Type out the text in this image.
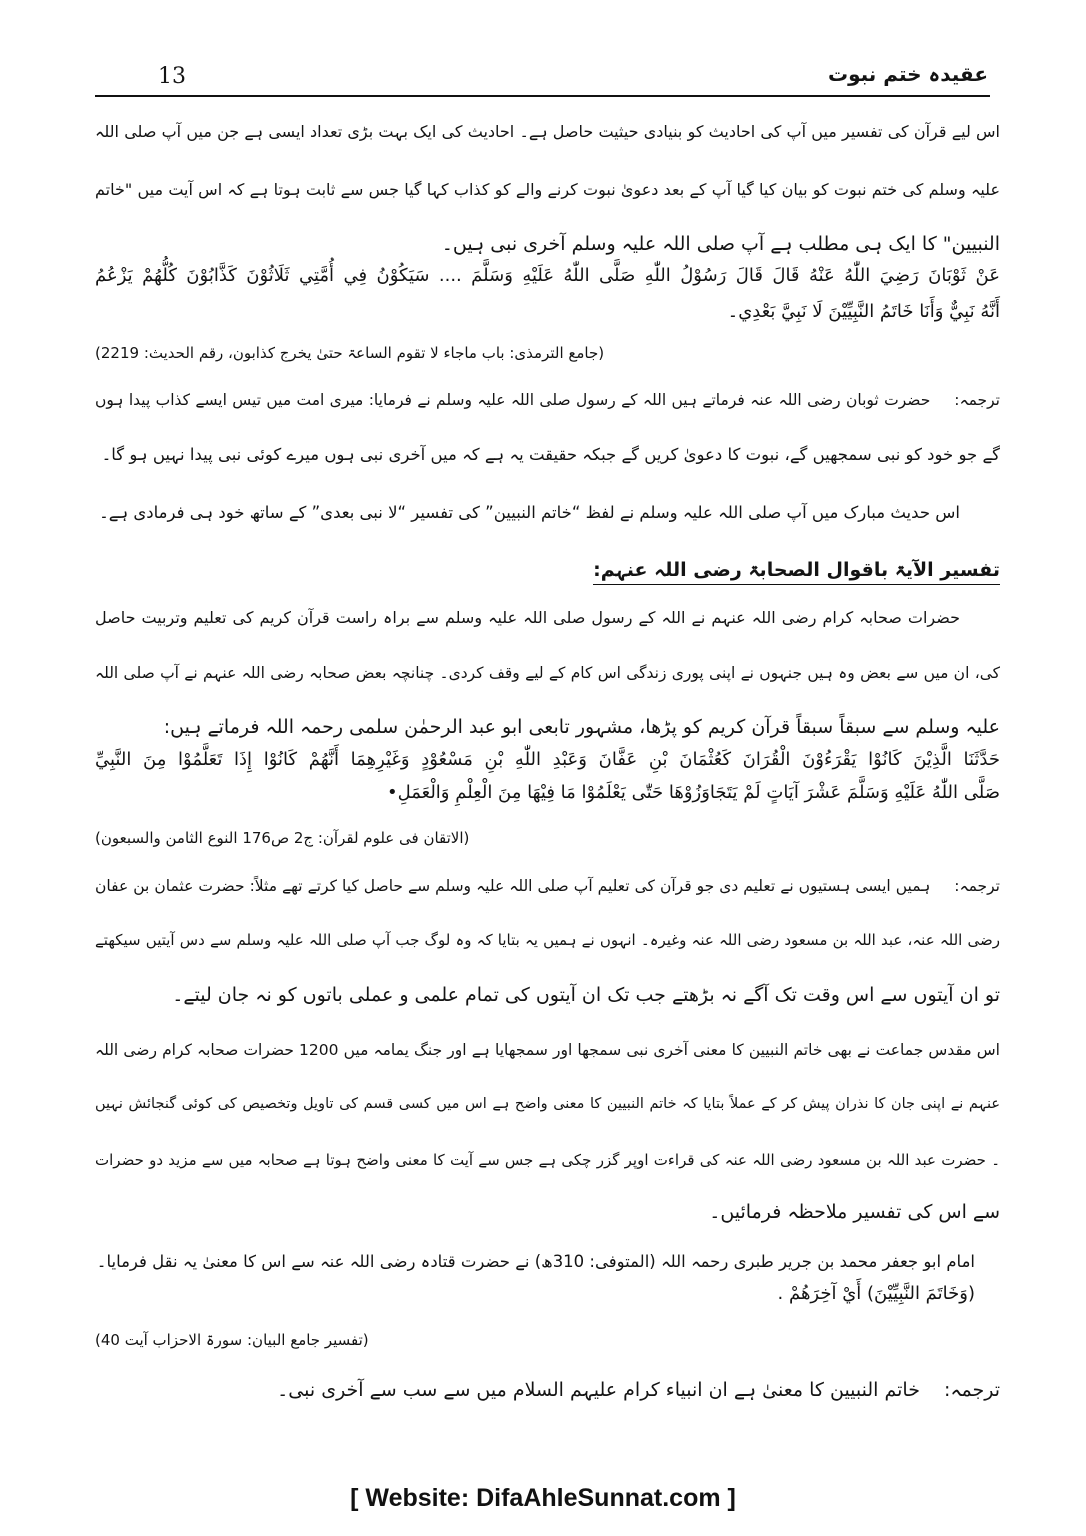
13	عقیدہ ختم نبوت
اس لیے قرآن کی تفسیر میں آپ کی احادیث کو بنیادی حیثیت حاصل ہے۔ احادیث کی ایک بہت بڑی تعداد ایسی ہے جن میں آپ صلی اللہ
علیہ وسلم کی ختم نبوت کو بیان کیا گیا آپ کے بعد دعویٰ نبوت کرنے والے کو کذاب کہا گیا جس سے ثابت ہوتا ہے کہ اس آیت میں "خاتم
النبیین" کا ایک ہی مطلب ہے آپ صلی اللہ علیہ وسلم آخری نبی ہیں۔
عَنْ ثَوْبَانَ رَضِيَ اللّٰهُ عَنْهُ قَالَ قَالَ رَسُوْلُ اللّٰهِ صَلَّى اللّٰهُ عَلَيْهِ وَسَلَّمَ .... سَيَكُوْنُ فِي أُمَّتِي ثَلَاثُوْنَ كَذَّابُوْنَ كُلُّهُمْ يَزْعُمُ
أَنَّهُ نَبِيٌّ وَأَنَا خَاتَمُ النَّبِيِّيْنَ لَا نَبِيَّ بَعْدِي۔
(جامع الترمذی: باب ماجاء لا تقوم الساعۃ حتیٰ یخرج کذابون، رقم الحدیث: 2219)
ترجمہ:حضرت ثوبان رضی اللہ عنہ فرماتے ہیں اللہ کے رسول صلی اللہ علیہ وسلم نے فرمایا: میری امت میں تیس ایسے کذاب پیدا ہوں
گے جو خود کو نبی سمجھیں گے، نبوت کا دعویٰ کریں گے جبکہ حقیقت یہ ہے کہ میں آخری نبی ہوں میرے کوئی نبی پیدا نہیں ہو گا۔
اس حدیث مبارک میں آپ صلی اللہ علیہ وسلم نے لفظ “خاتم النبیین” کی تفسیر “لا نبی بعدی” کے ساتھ خود ہی فرمادی ہے۔
تفسیر الآیۃ باقوال الصحابۃ رضی اللہ عنہم:
حضرات صحابہ کرام رضی اللہ عنہم نے اللہ کے رسول صلی اللہ علیہ وسلم سے براہ راست قرآن کریم کی تعلیم وتربیت حاصل
کی، ان میں سے بعض وہ ہیں جنہوں نے اپنی پوری زندگی اس کام کے لیے وقف کردی۔ چنانچہ بعض صحابہ رضی اللہ عنہم نے آپ صلی اللہ
علیہ وسلم سے سبقاً سبقاً قرآن کریم کو پڑھا، مشہور تابعی ابو عبد الرحمٰن سلمی رحمہ اللہ فرماتے ہیں:
حَدَّثَنَا الَّذِيْنَ كَانُوْا يَقْرَءُوْنَ الْقُرَانَ كَعُثْمَانَ بْنِ عَفَّانَ وَعَبْدِ اللّٰهِ بْنِ مَسْعُوْدٍ وَغَيْرِهِمَا أَنَّهُمْ كَانُوْا إِذَا تَعَلَّمُوْا مِنَ النَّبِيِّ
صَلَّى اللّٰهُ عَلَيْهِ وَسَلَّمَ عَشْرَ آيَاتٍ لَمْ يَتَجَاوَزُوْهَا حَتّٰى يَعْلَمُوْا مَا فِيْهَا مِنَ الْعِلْمِ وَالْعَمَلِ•
(الاتقان فی علوم لقرآن: ج2 ص176 النوع الثامن والسبعون)
ترجمہ:ہمیں ایسی ہستیوں نے تعلیم دی جو قرآن کی تعلیم آپ صلی اللہ علیہ وسلم سے حاصل کیا کرتے تھے مثلاً: حضرت عثمان بن عفان
رضی اللہ عنہ، عبد اللہ بن مسعود رضی اللہ عنہ وغیرہ۔ انہوں نے ہمیں یہ بتایا کہ وہ لوگ جب آپ صلی اللہ علیہ وسلم سے دس آیتیں سیکھتے
تو ان آیتوں سے اس وقت تک آگے نہ بڑھتے جب تک ان آیتوں کی تمام علمی و عملی باتوں کو نہ جان لیتے۔
اس مقدس جماعت نے بھی خاتم النبیین کا معنی آخری نبی سمجھا اور سمجھایا ہے اور جنگ یمامہ میں 1200 حضرات صحابہ کرام رضی اللہ
عنہم نے اپنی جان کا نذران پیش کر کے عملاً بتایا کہ خاتم النبیین کا معنی واضح ہے اس میں کسی قسم کی تاویل وتخصیص کی کوئی گنجائش نہیں
۔ حضرت عبد اللہ بن مسعود رضی اللہ عنہ کی قراءت اوپر گزر چکی ہے جس سے آیت کا معنی واضح ہوتا ہے صحابہ میں سے مزید دو حضرات
سے اس کی تفسیر ملاحظہ فرمائیں۔
امام ابو جعفر محمد بن جریر طبری رحمہ اللہ (المتوفی: 310ھ) نے حضرت قتادہ رضی اللہ عنہ سے اس کا معنیٰ یہ نقل فرمایا۔
(وَخَاتَمَ النَّبِيِّيْنَ) أَيْ آخِرَهُمْ .
(تفسیر جامع البیان: سورۃ الاحزاب آیت 40)
ترجمہ:خاتم النبیین کا معنیٰ ہے ان انبیاء کرام علیہم السلام میں سے سب سے آخری نبی۔
[ Website: DifaAhleSunnat.com ]
